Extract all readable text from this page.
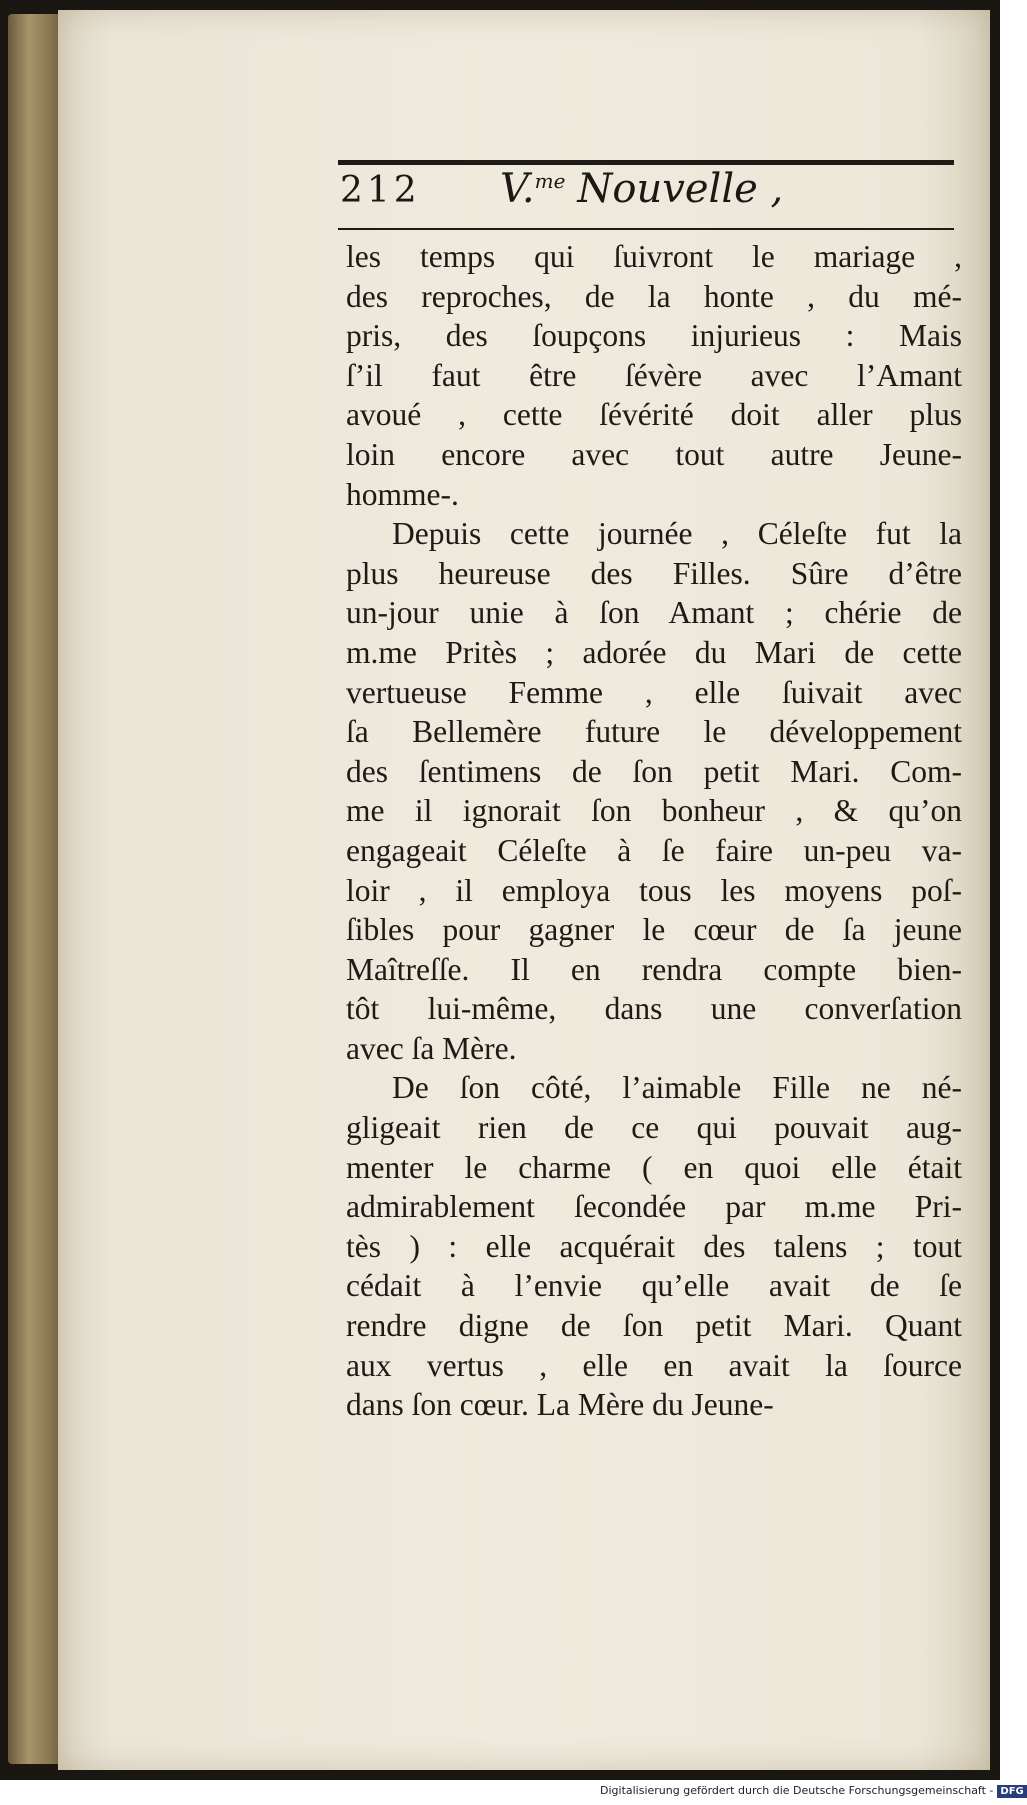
212 V.$^{me}$ Nouvelle ,

les temps qui ſuivront le mariage ,
des reproches, de la honte , du mé-
pris, des ſoupçons injurieus : Mais
ſ’il faut être ſévère avec l’Amant
avoué , cette ſévérité doit aller plus
loin encore avec tout autre Jeune-
homme-.

Depuis cette journée , Céleſte fut la
plus heureuse des Filles. Sûre d’être
un-jour unie à ſon Amant ; chérie de
m.me Pritès ; adorée du Mari de cette
vertueuse Femme , elle ſuivait avec
ſa Bellemère future le développement
des ſentimens de ſon petit Mari. Com-
me il ignorait ſon bonheur , & qu’on
engageait Céleſte à ſe faire un-peu va-
loir , il employa tous les moyens poſ-
ſibles pour gagner le cœur de ſa jeune
Maîtreſſe. Il en rendra compte bien-
tôt lui-même, dans une converſation
avec ſa Mère.

De ſon côté, l’aimable Fille ne né-
gligeait rien de ce qui pouvait aug-
menter le charme ( en quoi elle était
admirablement ſecondée par m.me Pri-
tès ) : elle acquérait des talens ; tout
cédait à l’envie qu’elle avait de ſe
rendre digne de ſon petit Mari. Quant
aux vertus , elle en avait la ſource
dans ſon cœur. La Mère du Jeune-

Digitalisierung gefördert durch die Deutsche Forschungsgemeinschaft - DFG
